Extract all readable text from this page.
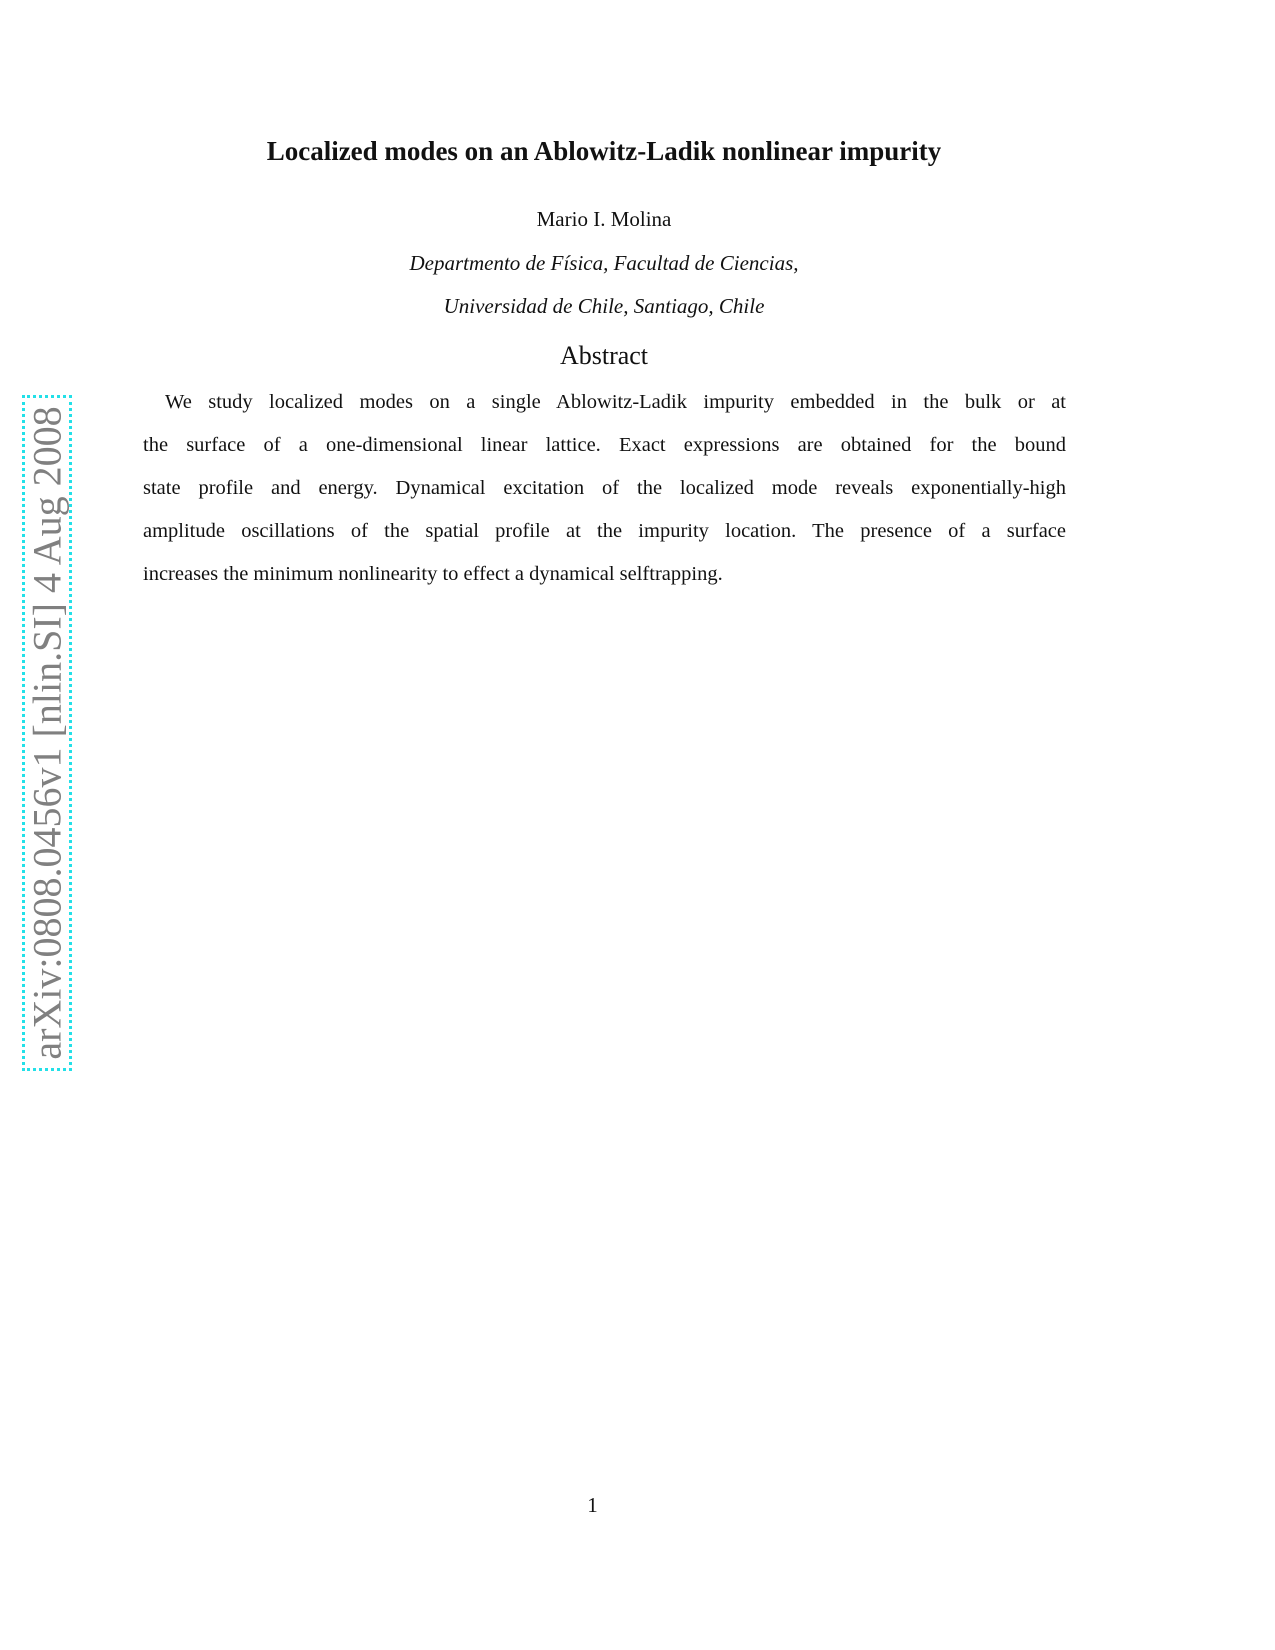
arXiv:0808.0456v1 [nlin.SI] 4 Aug 2008
Localized modes on an Ablowitz-Ladik nonlinear impurity
Mario I. Molina
Departmento de Física, Facultad de Ciencias,
Universidad de Chile, Santiago, Chile
Abstract
We study localized modes on a single Ablowitz-Ladik impurity embedded in the bulk or at
the surface of a one-dimensional linear lattice. Exact expressions are obtained for the bound
state profile and energy. Dynamical excitation of the localized mode reveals exponentially-high
amplitude oscillations of the spatial profile at the impurity location. The presence of a surface
increases the minimum nonlinearity to effect a dynamical selftrapping.
1
